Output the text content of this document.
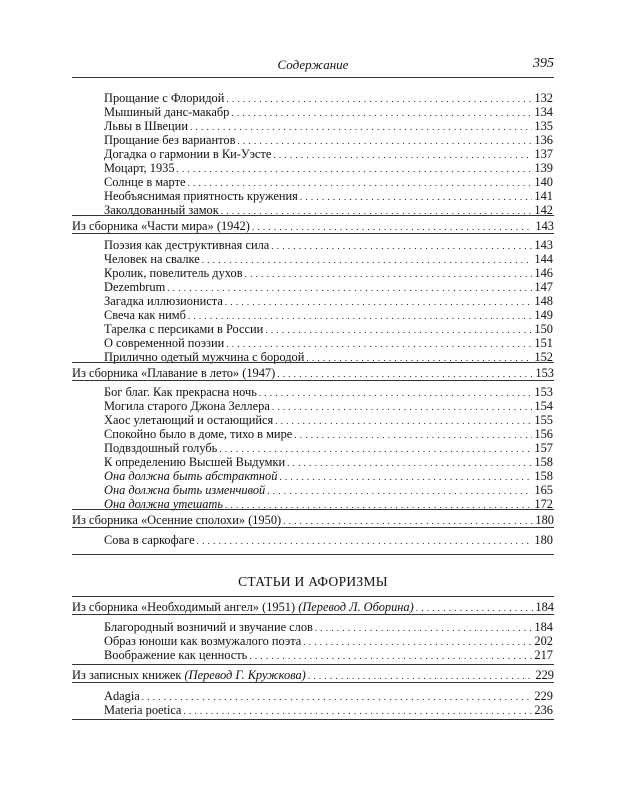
Содержание	395
Прощание с Флоридой . . .	132
Мышиный данс-макабр . . .	134
Львы в Швеции . . .	135
Прощание без вариантов . . .	136
Догадка о гармонии в Ки-Уэсте . . .	137
Моцарт, 1935 . . .	139
Солнце в марте . . .	140
Необъяснимая приятность кружения . . .	141
Заколдованный замок . . .	142
Из сборника «Части мира» (1942) . . .	143
Поэзия как деструктивная сила . . .	143
Человек на свалке . . .	144
Кролик, повелитель духов . . .	146
Dezembrum . . .	147
Загадка иллюзиониста . . .	148
Свеча как нимб . . .	149
Тарелка с персиками в России . . .	150
О современной поэзии . . .	151
Прилично одетый мужчина с бородой . . .	152
Из сборника «Плавание в лето» (1947) . . .	153
Бог благ. Как прекрасна ночь . . .	153
Могила старого Джона Зеллера . . .	154
Хаос улетающий и остающийся . . .	155
Спокойно было в доме, тихо в мире . . .	156
Подвздошный голубь . . .	157
К определению Высшей Выдумки . . .	158
Она должна быть абстрактной . . .	158
Она должна быть изменчивой . . .	165
Она должна утешать . . .	172
Из сборника «Осенние сполохи» (1950) . . .	180
Сова в саркофаге . . .	180
СТАТЬИ И АФОРИЗМЫ
Из сборника «Необходимый ангел» (1951) (Перевод Л. Оборина) . . .	184
Благородный возничий и звучание слов . . .	184
Образ юноши как возмужалого поэта . . .	202
Воображение как ценность . . .	217
Из записных книжек (Перевод Г. Кружкова) . . .	229
Adagia . . .	229
Materia poetica . . .	236
